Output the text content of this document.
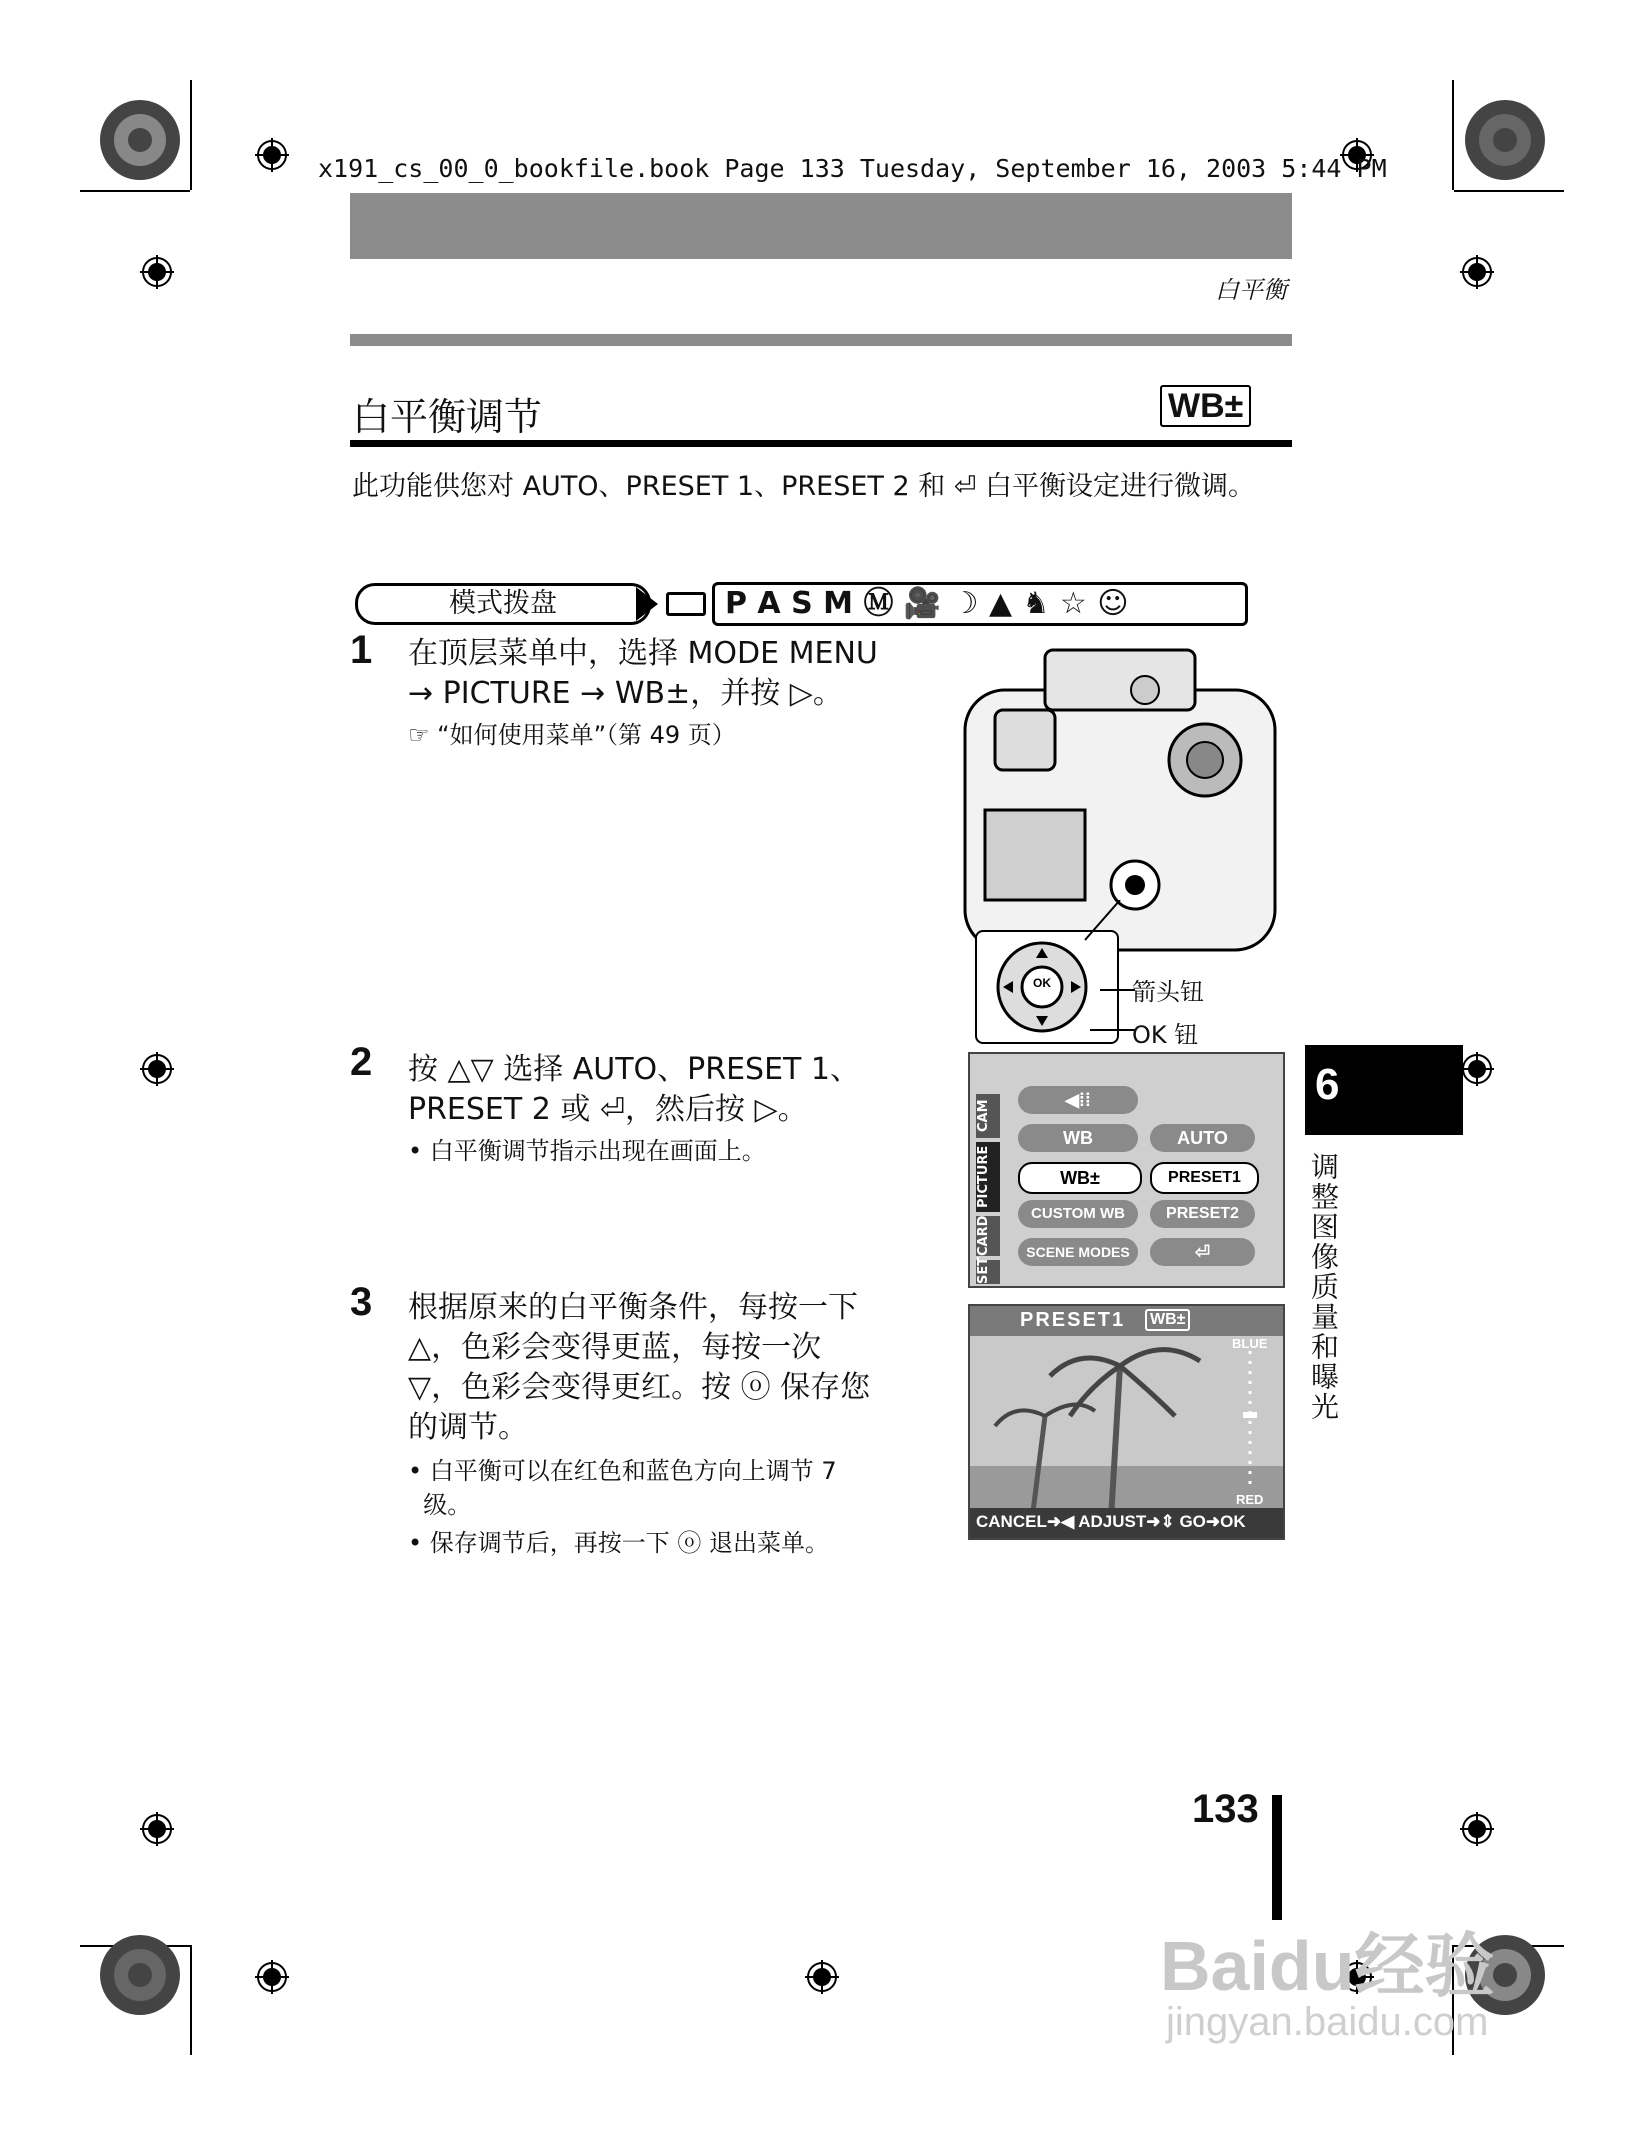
x191_cs_00_0_bookfile.book Page 133 Tuesday, September 16, 2003 5:44 PM
白平衡
白平衡调节	WB±
此功能供您对 AUTO、PRESET 1、PRESET 2 和 ⏎ 白平衡设定进行微调。
模式拨盘	P A S M Ⓜ 🎥 ☽ ▲ ♞ ☆ ☺
1 在顶层菜单中，选择 MODE MENU
→ PICTURE → WB±，并按 ▷。
☞ “如何使用菜单”（第 49 页）
OK	箭头钮
OK 钮
2 按 △▽ 选择 AUTO、PRESET 1、
PRESET 2 或 ⏎，然后按 ▷。
• 白平衡调节指示出现在画面上。
CAM
PICTURE
CARD
SET
◀⁞⁞
WB
WB±
CUSTOM WB
SCENE MODES
AUTO
PRESET1
PRESET2
⏎
3 根据原来的白平衡条件，每按一下
△，色彩会变得更蓝，每按一次
▽，色彩会变得更红。按 ⓞ 保存您
的调节。
• 白平衡可以在红色和蓝色方向上调节 7
级。
• 保存调节后，再按一下 ⓞ 退出菜单。
PRESET1	WB±
BLUE
RED
CANCEL➜◀ ADJUST➜⇕ GO➜OK
6
调整图像质量和曝光
133
Baidu经验
jingyan.baidu.com
